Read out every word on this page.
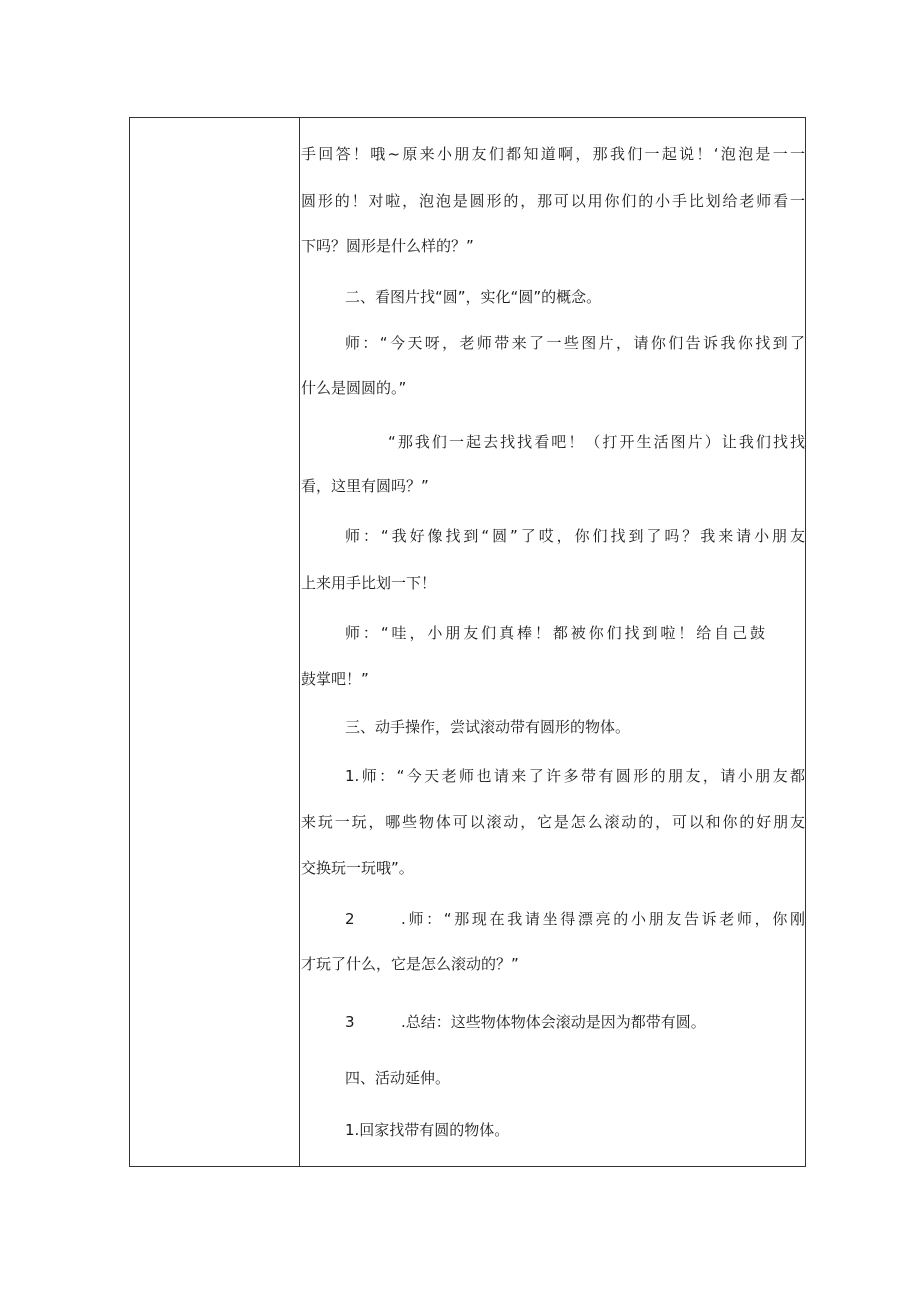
手回答！哦~原来小朋友们都知道啊，那我们一起说！‘泡泡是一一
圆形的！对啦，泡泡是圆形的，那可以用你们的小手比划给老师看一
下吗？圆形是什么样的？”
二、看图片找“圆”，实化“圆”的概念。
师：“今天呀，老师带来了一些图片，请你们告诉我你找到了
什么是圆圆的。”
“那我们一起去找找看吧！（打开生活图片）让我们找找
看，这里有圆吗？”
师：“我好像找到“圆”了哎，你们找到了吗？我来请小朋友
上来用手比划一下！
师：“哇，小朋友们真棒！都被你们找到啦！给自己鼓
鼓掌吧！”
三、动手操作，尝试滚动带有圆形的物体。
1.师：“今天老师也请来了许多带有圆形的朋友，请小朋友都
来玩一玩，哪些物体可以滚动，它是怎么滚动的，可以和你的好朋友
交换玩一玩哦”。
2	.师：“那现在我请坐得漂亮的小朋友告诉老师，你刚
才玩了什么，它是怎么滚动的？”
3	.总结：这些物体物体会滚动是因为都带有圆。
四、活动延伸。
1.回家找带有圆的物体。
